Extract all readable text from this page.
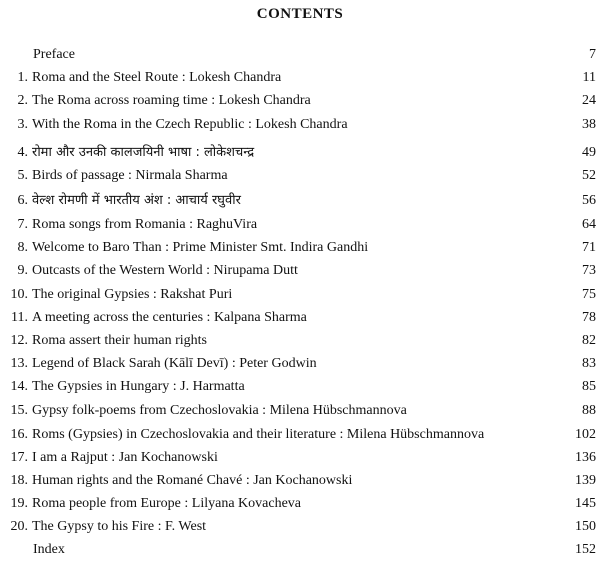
CONTENTS
Preface	7
1. Roma and the Steel Route : Lokesh Chandra	11
2. The Roma across roaming time : Lokesh Chandra	24
3. With the Roma in the Czech Republic : Lokesh Chandra	38
4. रोमा और उनकी कालजयिनी भाषा : लोकेशचन्द्र	49
5. Birds of passage : Nirmala Sharma	52
6. वेल्श रोमणी में भारतीय अंश : आचार्य रघुवीर	56
7. Roma songs from Romania : RaghuVira	64
8. Welcome to Baro Than : Prime Minister Smt. Indira Gandhi	71
9. Outcasts of the Western World : Nirupama Dutt	73
10. The original Gypsies : Rakshat Puri	75
11. A meeting across the centuries : Kalpana Sharma	78
12. Roma assert their human rights	82
13. Legend of Black Sarah (Kālī Devī) : Peter Godwin	83
14. The Gypsies in Hungary : J. Harmatta	85
15. Gypsy folk-poems from Czechoslovakia : Milena Hübschmannova	88
16. Roms (Gypsies) in Czechoslovakia and their literature : Milena Hübschmannova	102
17. I am a Rajput : Jan Kochanowski	136
18. Human rights and the Romané Chavé : Jan Kochanowski	139
19. Roma people from Europe : Lilyana Kovacheva	145
20. The Gypsy to his Fire : F. West	150
Index	152
